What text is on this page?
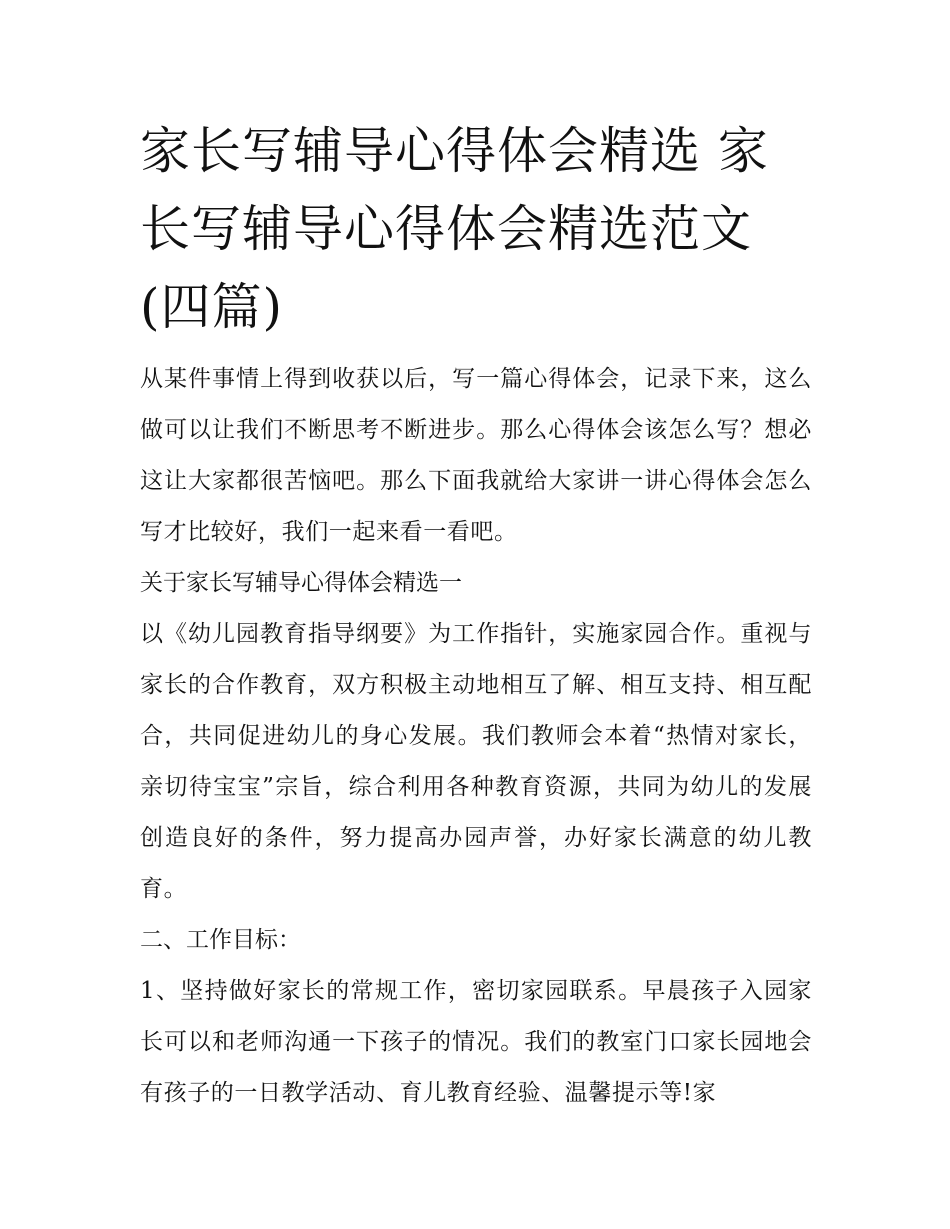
家长写辅导心得体会精选 家长写辅导心得体会精选范文(四篇)

从某件事情上得到收获以后，写一篇心得体会，记录下来，这么做可以让我们不断思考不断进步。那么心得体会该怎么写？想必这让大家都很苦恼吧。那么下面我就给大家讲一讲心得体会怎么写才比较好，我们一起来看一看吧。

关于家长写辅导心得体会精选一

以《幼儿园教育指导纲要》为工作指针，实施家园合作。重视与家长的合作教育，双方积极主动地相互了解、相互支持、相互配合，共同促进幼儿的身心发展。我们教师会本着“热情对家长，亲切待宝宝”宗旨，综合利用各种教育资源，共同为幼儿的发展创造良好的条件，努力提高办园声誉，办好家长满意的幼儿教育。

二、工作目标：

1、坚持做好家长的常规工作，密切家园联系。早晨孩子入园家长可以和老师沟通一下孩子的情况。我们的教室门口家长园地会有孩子的一日教学活动、育儿教育经验、温馨提示等!家
